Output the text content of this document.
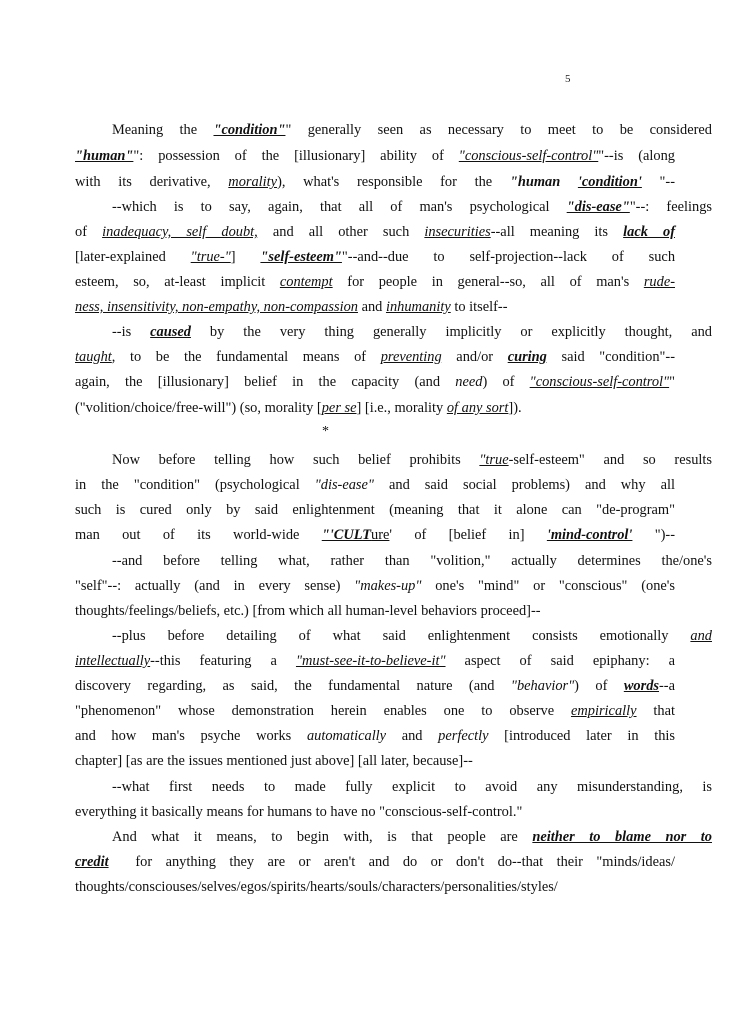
5
*
Meaning the "condition"" generally seen as necessary to meet to be considered
"human"": possession of the [illusionary] ability of "conscious-self-control""--is (along
with its derivative, morality), what's responsible for the "human 'condition' "--
--which is to say, again, that all of man's psychological "dis-ease""--: feelings
of inadequacy, self doubt, and all other such insecurities--all meaning its lack of
[later-explained "true-"] "self-esteem""--and--due to self-projection--lack of such
esteem, so, at-least implicit contempt for people in general--so, all of man's rude-
ness, insensitivity, non-empathy, non-compassion and inhumanity to itself--
--is caused by the very thing generally implicitly or explicitly thought, and
taught, to be the fundamental means of preventing and/or curing said "condition"--
again, the [illusionary] belief in the capacity (and need) of "conscious-self-control""
("volition/choice/free-will") (so, morality [per se] [i.e., morality of any sort]).
Now before telling how such belief prohibits "true-self-esteem" and so results
in the "condition" (psychological "dis-ease" and said social problems) and why all
such is cured only by said enlightenment (meaning that it alone can "de-program"
man out of its world-wide "'CULTure' of [belief in] 'mind-control' ")--
--and before telling what, rather than "volition," actually determines the/one's
"self"--: actually (and in every sense) "makes-up" one's "mind" or "conscious" (one's
thoughts/feelings/beliefs, etc.) [from which all human-level behaviors proceed]--
--plus before detailing of what said enlightenment consists emotionally and
intellectually--this featuring a "must-see-it-to-believe-it" aspect of said epiphany: a
discovery regarding, as said, the fundamental nature (and "behavior") of words--a
"phenomenon" whose demonstration herein enables one to observe empirically that
and how man's psyche works automatically and perfectly [introduced later in this
chapter] [as are the issues mentioned just above] [all later, because]--
--what first needs to made fully explicit to avoid any misunderstanding, is
everything it basically means for humans to have no "conscious-self-control."
And what it means, to begin with, is that people are neither to blame nor to
credit  for anything they are or aren't and do or don't do--that their "minds/ideas/
thoughts/consciouses/selves/egos/spirits/hearts/souls/characters/personalities/styles/
